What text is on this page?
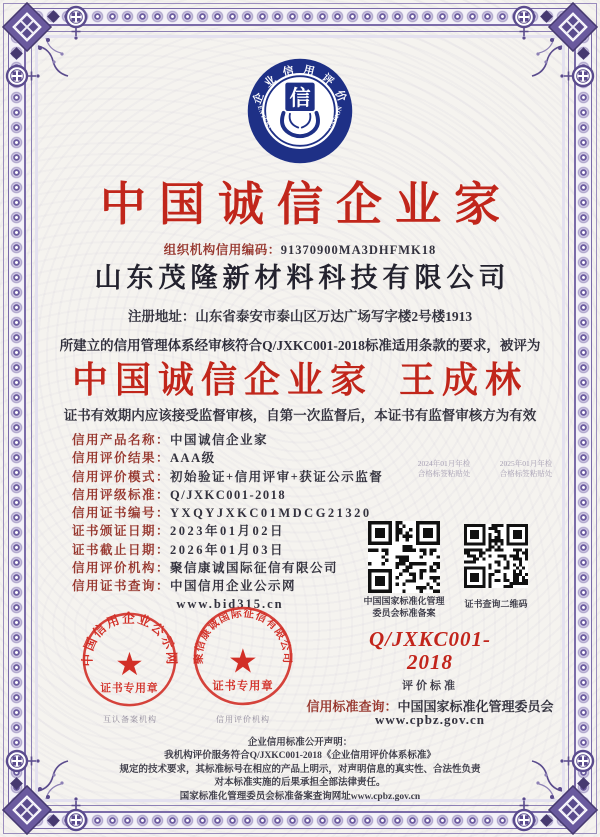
企 业 信 用 评 价
ENTERPRISE CREDIT EVALUATION
信
中国诚信企业家
组织机构信用编码：91370900MA3DHFMK18
山东茂隆新材料科技有限公司
注册地址：山东省泰安市泰山区万达广场写字楼2号楼1913
所建立的信用管理体系经审核符合Q/JXKC001-2018标准适用条款的要求，被评为
中国诚信企业家 王成林
证书有效期内应该接受监督审核，自第一次监督后，本证书有监督审核方为有效
信用产品名称：中国诚信企业家
信用评价结果：AAA级
信用评价模式：初始验证+信用评审+获证公示监督
信用评级标准：Q/JXKC001-2018
信用证书编号：YXQYJXKC01MDCG21320
证书颁证日期：2023年01月02日
证书截止日期：2026年01月03日
信用评价机构：聚信康诚国际征信有限公司
信用证书查询：中国信用企业公示网
www.bid315.cn
2024年01月年检
合格标签粘贴处
2025年01月年检
合格标签粘贴处
中国国家标准化管理
委员会标准备案
证书查询二维码
中国信用企业公示网
★
证书专用章
聚信康诚国际征信有限公司
★
证书专用章
互认备案机构	信用评价机构
Q/JXKC001-
2018
评价标准
信用标准查询：中国国家标准化管理委员会
www.cpbz.gov.cn
企业信用标准公开声明：
我机构评价服务符合Q/JXKC001-2018《企业信用评价体系标准》
规定的技术要求，其标准标号在相应的产品上明示，对声明信息的真实性、合法性负责
对本标准实施的后果承担全部法律责任。
国家标准化管理委员会标准备案查询网址www.cpbz.gov.cn
